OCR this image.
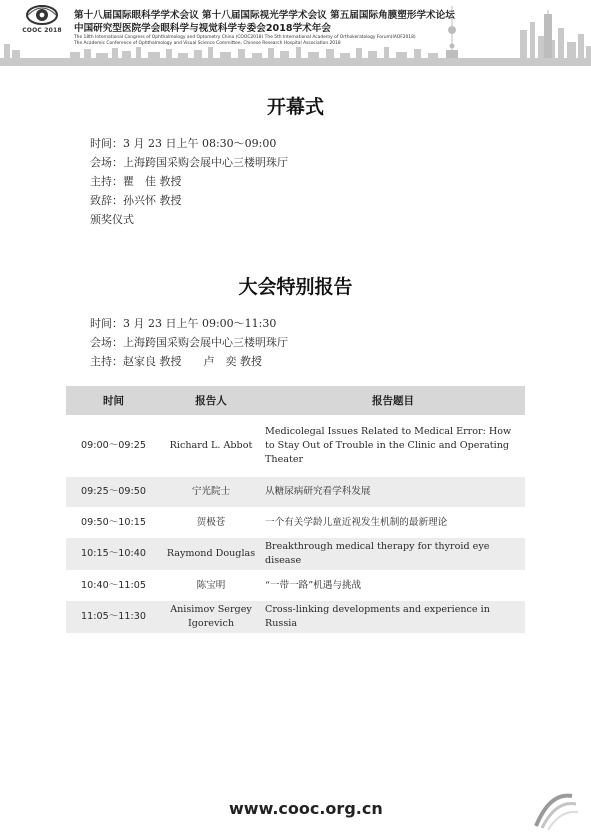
COOC 2018
第十八届国际眼科学学术会议 第十八届国际视光学学术会议 第五届国际角膜塑形学术论坛
中国研究型医院学会眼科学与视觉科学专委会2018学术年会
The 18th International Congress of Ophthalmology and Optometry China (COOC2018) The 5th International Academy of Orthokeratology Forum(IAOF2018)
The Academic Conference of Ophthalmology and Visual Science Committee, Chinese Research Hospital Association 2018
开幕式
时间：3 月 23 日上午 08:30～09:00
会场：上海跨国采购会展中心三楼明珠厅
主持：瞿　佳 教授
致辞：孙兴怀 教授
颁奖仪式
大会特别报告
时间：3 月 23 日上午 09:00～11:30
会场：上海跨国采购会展中心三楼明珠厅
主持：赵家良 教授　　卢　奕 教授
时间	报告人	报告题目
09:00～09:25	Richard L. Abbot	Medicolegal Issues Related to Medical Error: How to Stay Out of Trouble in the Clinic and Operating Theater
09:25～09:50	宁光院士	从糖尿病研究看学科发展
09:50～10:15	贺极苍	一个有关学龄儿童近视发生机制的最新理论
10:15～10:40	Raymond Douglas	Breakthrough medical therapy for thyroid eye disease
10:40～11:05	陈宝明	“一带一路”机遇与挑战
11:05～11:30	Anisimov Sergey Igorevich	Cross-linking developments and experience in Russia
www.cooc.org.cn
